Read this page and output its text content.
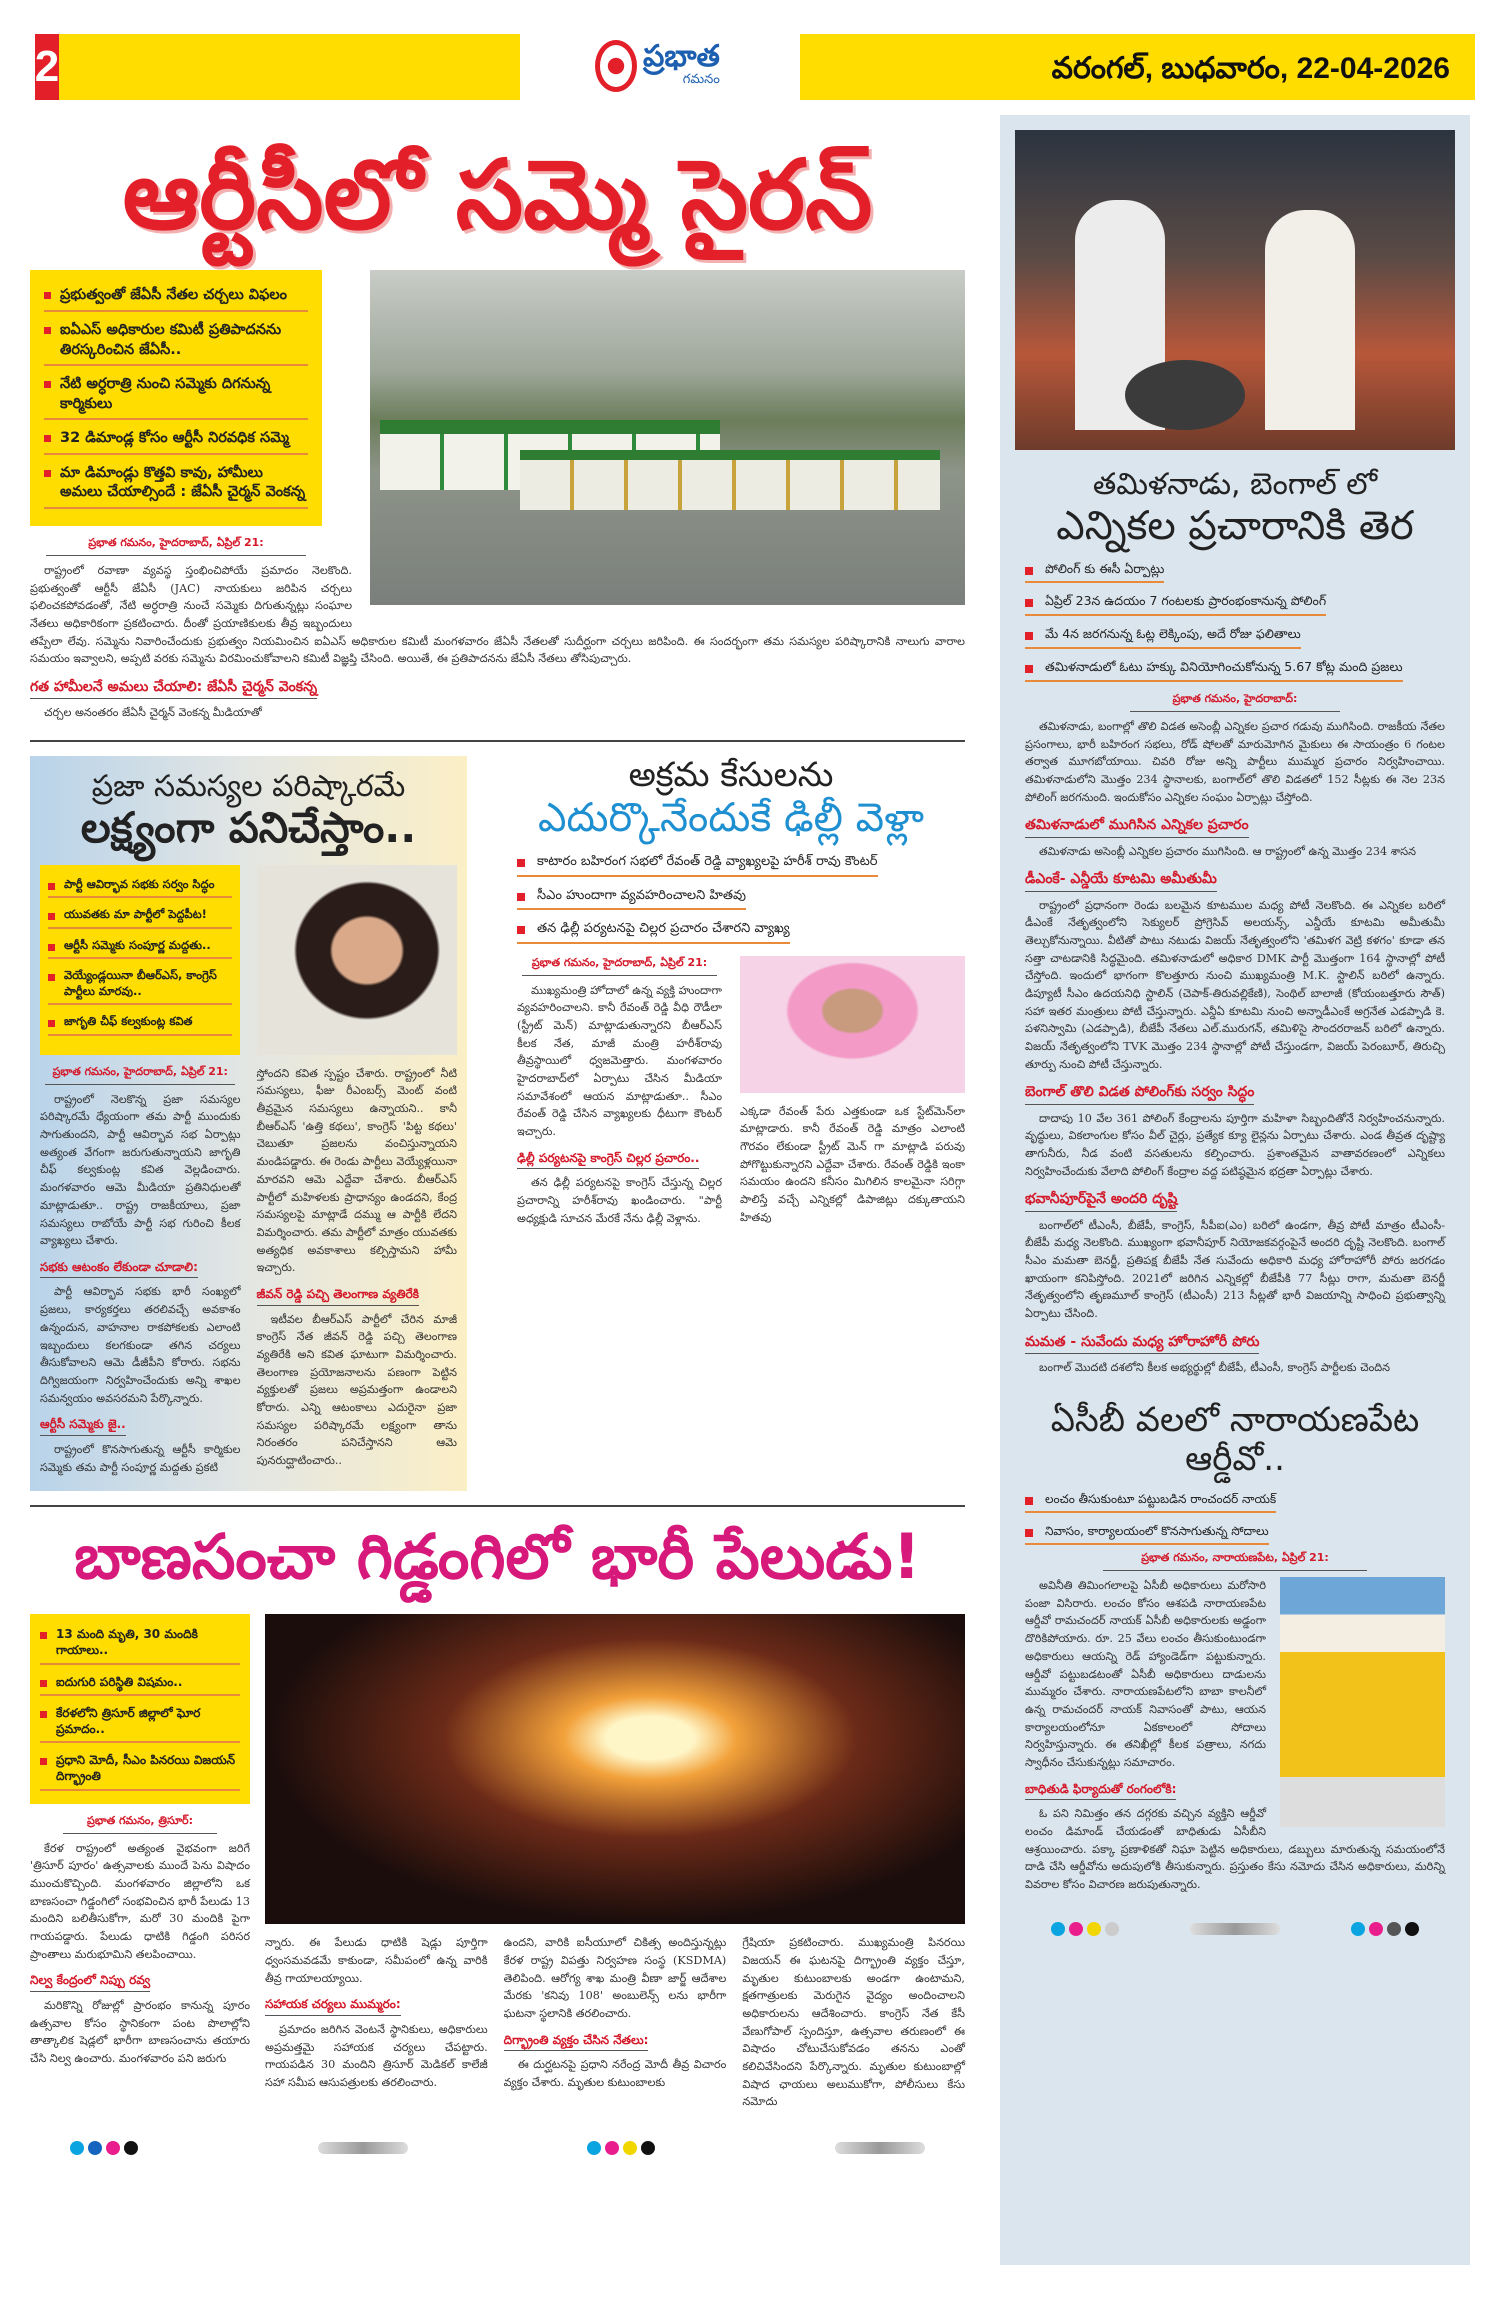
2	ప్రభాత
గమనం	వరంగల్, బుధవారం, 22-04-2026
ఆర్టీసీలో సమ్మె సైరన్
ప్రభుత్వంతో జేఏసీ నేతల చర్చలు విఫలం
ఐఏఎస్ అధికారుల కమిటీ ప్రతిపాదనను తిరస్కరించిన జేఏసీ..
నేటి అర్ధరాత్రి నుంచి సమ్మెకు దిగనున్న కార్మికులు
32 డిమాండ్ల కోసం ఆర్టీసీ నిరవధిక సమ్మె
మా డిమాండ్లు కొత్తవి కావు, హామీలు అమలు చేయాల్సిందే : జేఏసీ చైర్మన్ వెంకన్న
ప్రభాత గమనం, హైదరాబాద్, ఏప్రిల్ 21:

రాష్ట్రంలో రవాణా వ్యవస్థ స్తంభించిపోయే ప్రమాదం నెలకొంది. ప్రభుత్వంతో ఆర్టీసీ జేఏసీ (JAC) నాయకులు జరిపిన చర్చలు ఫలించకపోవడంతో, నేటి అర్ధరాత్రి నుంచే సమ్మెకు దిగుతున్నట్లు సంఘాల నేతలు అధికారికంగా ప్రకటించారు. దీంతో ప్రయాణికులకు తీవ్ర ఇబ్బందులు తప్పేలా లేవు. సమ్మెను నివారించేందుకు ప్రభుత్వం నియమించిన ఐఏఎస్ అధికారుల కమిటీ మంగళవారం జేఏసీ నేతలతో సుదీర్ఘంగా చర్చలు జరిపింది. ఈ సందర్భంగా తమ సమస్యల పరిష్కారానికి నాలుగు వారాల సమయం ఇవ్వాలని, అప్పటి వరకు సమ్మెను విరమించుకోవాలని కమిటీ విజ్ఞప్తి చేసింది. అయితే, ఈ ప్రతిపాదనను జేఏసీ నేతలు తోసిపుచ్చారు.

గత హామీలనే అమలు చేయాలి: జేఏసీ చైర్మన్ వెంకన్న

చర్చల అనంతరం జేఏసీ చైర్మన్ వెంకన్న మీడియాతో

ప్రజా సమస్యల పరిష్కారమే
లక్ష్యంగా పనిచేస్తాం..
పార్టీ ఆవిర్భావ సభకు సర్వం సిద్ధం
యువతకు మా పార్టీలో పెద్దపీట!
ఆర్టీసీ సమ్మెకు సంపూర్ణ మద్దతు..
వెయ్యేండ్లయినా బీఆర్ఎస్, కాంగ్రెస్ పార్టీలు మారవు..
జాగృతి చీఫ్ కల్వకుంట్ల కవిత
ప్రభాత గమనం, హైదరాబాద్, ఏప్రిల్ 21:

రాష్ట్రంలో నెలకొన్న ప్రజా సమస్యల పరిష్కారమే ధ్యేయంగా తమ పార్టీ ముందుకు సాగుతుందని, పార్టీ ఆవిర్భావ సభ ఏర్పాట్లు అత్యంత వేగంగా జరుగుతున్నాయని జాగృతి చీఫ్ కల్వకుంట్ల కవిత వెల్లడించారు. మంగళవారం ఆమె మీడియా ప్రతినిధులతో మాట్లాడుతూ.. రాష్ట్ర రాజకీయాలు, ప్రజా సమస్యలు రాబోయే పార్టీ సభ గురించి కీలక వ్యాఖ్యలు చేశారు.

సభకు ఆటంకం లేకుండా చూడాలి:

పార్టీ ఆవిర్భావ సభకు భారీ సంఖ్యలో ప్రజలు, కార్యకర్తలు తరలివచ్చే అవకాశం ఉన్నందున, వాహనాల రాకపోకలకు ఎలాంటి ఇబ్బందులు కలగకుండా తగిన చర్యలు తీసుకోవాలని ఆమె డీజీపీని కోరారు. సభను దిగ్విజయంగా నిర్వహించేందుకు అన్ని శాఖల సమన్వయం అవసరమని పేర్కొన్నారు.

ఆర్టీసీ సమ్మెకు జై..

రాష్ట్రంలో కొనసాగుతున్న ఆర్టీసీ కార్మికుల సమ్మెకు తమ పార్టీ సంపూర్ణ మద్దతు ప్రకటి

స్తోందని కవిత స్పష్టం చేశారు. రాష్ట్రంలో నీటి సమస్యలు, ఫీజు రీఎంబర్స్ మెంట్ వంటి తీవ్రమైన సమస్యలు ఉన్నాయని.. కానీ బీఆర్ఎస్ 'ఉత్తి కథలు', కాంగ్రెస్ 'పిట్ట కథలు' చెబుతూ ప్రజలను వంచిస్తున్నాయని మండిపడ్డారు. ఈ రెండు పార్టీలు వెయ్యేళ్లయినా మారవని ఆమె ఎద్దేవా చేశారు. బీఆర్ఎస్ పార్టీలో మహిళలకు ప్రాధాన్యం ఉండదని, కేంద్ర సమస్యలపై మాట్లాడే దమ్ము ఆ పార్టీకి లేదని విమర్శించారు. తమ పార్టీలో మాత్రం యువతకు అత్యధిక అవకాశాలు కల్పిస్తామని హామీ ఇచ్చారు.

జీవన్ రెడ్డి పచ్చి తెలంగాణ వ్యతిరేకి

ఇటీవల బీఆర్ఎస్ పార్టీలో చేరిన మాజీ కాంగ్రెస్ నేత జీవన్ రెడ్డి పచ్చి తెలంగాణ వ్యతిరేకి అని కవిత ఘాటుగా విమర్శించారు. తెలంగాణ ప్రయోజనాలను పణంగా పెట్టిన వ్యక్తులతో ప్రజలు అప్రమత్తంగా ఉండాలని కోరారు. ఎన్ని ఆటంకాలు ఎదురైనా ప్రజా సమస్యల పరిష్కారమే లక్ష్యంగా తాను నిరంతరం పనిచేస్తానని ఆమె పునరుద్ఘాటించారు..

అక్రమ కేసులను
ఎదుర్కొనేందుకే ఢిల్లీ వెళ్లా
కాటారం బహిరంగ సభలో రేవంత్ రెడ్డి వ్యాఖ్యలపై హరీశ్ రావు కౌంటర్
సీఎం హుందాగా వ్యవహరించాలని హితవు
తన ఢిల్లీ పర్యటనపై చిల్లర ప్రచారం చేశారని వ్యాఖ్య
ప్రభాత గమనం, హైదరాబాద్, ఏప్రిల్ 21:

ముఖ్యమంత్రి హోదాలో ఉన్న వ్యక్తి హుందాగా వ్యవహరించాలని. కానీ రేవంత్ రెడ్డి వీధి రౌడీలా (స్ట్రీట్ మెన్) మాట్లాడుతున్నారని బీఆర్ఎస్ కీలక నేత, మాజీ మంత్రి హరీశ్‌రావు తీవ్రస్థాయిలో ధ్వజమెత్తారు. మంగళవారం హైదరాబాద్‌లో ఏర్పాటు చేసిన మీడియా సమావేశంలో ఆయన మాట్లాడుతూ.. సీఎం రేవంత్ రెడ్డి చేసిన వ్యాఖ్యలకు ధీటుగా కౌంటర్ ఇచ్చారు.

ఢిల్లీ పర్యటనపై కాంగ్రెస్ చిల్లర ప్రచారం..

తన ఢిల్లీ పర్యటనపై కాంగ్రెస్ చేస్తున్న చిల్లర ప్రచారాన్ని హరీశ్‌రావు ఖండించారు. "పార్టీ అధ్యక్షుడి సూచన మేరకే నేను ఢిల్లీ వెళ్లాను.

ఎక్కడా రేవంత్ పేరు ఎత్తకుండా ఒక స్టేట్‌మెన్‌లా మాట్లాడారు. కానీ రేవంత్ రెడ్డి మాత్రం ఎలాంటి గౌరవం లేకుండా స్ట్రీట్ మెన్ గా మాట్లాడి పరువు పోగొట్టుకున్నారని ఎద్దేవా చేశారు. రేవంత్ రెడ్డికి ఇంకా సమయం ఉందని కనీసం మిగిలిన కాలమైనా సరిగ్గా పాలిస్తే వచ్చే ఎన్నికల్లో డిపాజిట్లు దక్కుతాయని హితవు

బాణసంచా గిడ్డంగిలో భారీ పేలుడు!
13 మంది మృతి, 30 మందికి గాయాలు..
ఐదుగురి పరిస్థితి విషమం..
కేరళలోని త్రిసూర్ జిల్లాలో ఘోర ప్రమాదం..
ప్రధాని మోదీ, సీఎం పినరయి విజయన్ దిగ్భ్రాంతి
ప్రభాత గమనం, త్రిసూర్:

కేరళ రాష్ట్రంలో అత్యంత వైభవంగా జరిగే 'త్రిసూర్ పూరం' ఉత్సవాలకు ముందే పెను విషాదం ముంచుకొచ్చింది. మంగళవారం జిల్లాలోని ఒక బాణసంచా గిడ్డంగిలో సంభవించిన భారీ పేలుడు 13 మందిని బలితీసుకోగా, మరో 30 మందికి పైగా గాయపడ్డారు. పేలుడు ధాటికి గిడ్డంగి పరిసర ప్రాంతాలు మరుభూమిని తలపించాయి.

నిల్వ కేంద్రంలో నిప్పు రవ్వ

మరికొన్ని రోజుల్లో ప్రారంభం కానున్న పూరం ఉత్సవాల కోసం స్థానికంగా పంట పొలాల్లోని తాత్కాలిక షెడ్లలో భారీగా బాణసంచాను తయారు చేసి నిల్వ ఉంచారు. మంగళవారం పని జరుగు

న్నారు. ఈ పేలుడు ధాటికి షెడ్లు పూర్తిగా ధ్వంసమవడమే కాకుండా, సమీపంలో ఉన్న వారికి తీవ్ర గాయాలయ్యాయి.

సహాయక చర్యలు ముమ్మరం:

ప్రమాదం జరిగిన వెంటనే స్థానికులు, అధికారులు అప్రమత్తమై సహాయక చర్యలు చేపట్టారు. గాయపడిన 30 మందిని త్రిసూర్ మెడికల్ కాలేజీ సహా సమీప ఆసుపత్రులకు తరలించారు.

ఉందని, వారికి ఐసీయూలో చికిత్స అందిస్తున్నట్లు కేరళ రాష్ట్ర విపత్తు నిర్వహణ సంస్థ (KSDMA) తెలిపింది. ఆరోగ్య శాఖ మంత్రి వీణా జార్జ్ ఆదేశాల మేరకు 'కనివు 108' అంబులెన్స్ లను భారీగా ఘటనా స్థలానికి తరలించారు.

దిగ్భ్రాంతి వ్యక్తం చేసిన నేతలు:

ఈ దుర్ఘటనపై ప్రధాని నరేంద్ర మోదీ తీవ్ర విచారం వ్యక్తం చేశారు. మృతుల కుటుంబాలకు

గ్రేషియా ప్రకటించారు. ముఖ్యమంత్రి పినరయి విజయన్ ఈ ఘటనపై దిగ్భ్రాంతి వ్యక్తం చేస్తూ, మృతుల కుటుంబాలకు అండగా ఉంటామని, క్షతగాత్రులకు మెరుగైన వైద్యం అందించాలని అధికారులను ఆదేశించారు. కాంగ్రెస్ నేత కేసీ వేణుగోపాల్ స్పందిస్తూ, ఉత్సవాల తరుణంలో ఈ విషాదం చోటుచేసుకోవడం తనను ఎంతో కలిచివేసిందని పేర్కొన్నారు. మృతుల కుటుంబాల్లో విషాద ఛాయలు అలుముకోగా, పోలీసులు కేసు నమోదు

తమిళనాడు, బెంగాల్ లో
ఎన్నికల ప్రచారానికి తెర
పోలింగ్ కు ఈసీ ఏర్పాట్లు
ఏప్రిల్ 23న ఉదయం 7 గంటలకు ప్రారంభంకానున్న పోలింగ్
మే 4న జరగనున్న ఓట్ల లెక్కింపు, అదే రోజు ఫలితాలు
తమిళనాడులో ఓటు హక్కు వినియోగించుకోనున్న 5.67 కోట్ల మంది ప్రజలు
ప్రభాత గమనం, హైదరాబాద్:

తమిళనాడు, బంగాల్లో తొలి విడత అసెంబ్లీ ఎన్నికల ప్రచార గడువు ముగిసింది. రాజకీయ నేతల ప్రసంగాలు, భారీ బహిరంగ సభలు, రోడ్ షోలతో మారుమోగిన మైకులు ఈ సాయంత్రం 6 గంటల తర్వాత మూగబోయాయి. చివరి రోజు అన్ని పార్టీలు ముమ్మర ప్రచారం నిర్వహించాయి. తమిళనాడులోని మొత్తం 234 స్థానాలకు, బంగాల్‌లో తొలి విడతలో 152 సీట్లకు ఈ నెల 23న పోలింగ్ జరగనుంది. ఇందుకోసం ఎన్నికల సంఘం ఏర్పాట్లు చేస్తోంది.

తమిళనాడులో ముగిసిన ఎన్నికల ప్రచారం

తమిళనాడు అసెంబ్లీ ఎన్నికల ప్రచారం ముగిసింది. ఆ రాష్ట్రంలో ఉన్న మొత్తం 234 శాసన

డీఎంకే- ఎన్డీయే కూటమి అమీతుమీ

రాష్ట్రంలో ప్రధానంగా రెండు బలమైన కూటముల మధ్య పోటీ నెలకొంది. ఈ ఎన్నికల బరిలో డీఎంకే నేతృత్వంలోని సెక్యులర్ ప్రోగ్రెసివ్ అలయన్స్, ఎన్డీయే కూటమి అమీతుమీ తెల్చుకోనున్నాయి. వీటితో పాటు నటుడు విజయ్ నేతృత్వంలోని 'తమిళగ వెట్రి కళగం' కూడా తన సత్తా చాటడానికి సిద్ధమైంది. తమిళనాడులో అధికార DMK పార్టీ మొత్తంగా 164 స్థానాల్లో పోటీ చేస్తోంది. ఇందులో భాగంగా కొలత్తూరు నుంచి ముఖ్యమంత్రి M.K. స్టాలిన్ బరిలో ఉన్నారు. డిప్యూటీ సీఎం ఉదయనిధి స్టాలిన్ (చెపాక్-తిరువల్లికేణి), సెంథిల్ బాలాజీ (కోయంబత్తూరు సౌత్) సహా ఇతర మంత్రులు పోటీ చేస్తున్నారు. ఎన్డీఏ కూటమి నుంచి అన్నాడీఎంకే అగ్రనేత ఎడప్పాడి కె. పళనిస్వామి (ఎడప్పాడి), బీజేపీ నేతలు ఎల్.మురుగన్, తమిళిసై సౌందరరాజన్ బరిలో ఉన్నారు. విజయ్ నేతృత్వంలోని TVK మొత్తం 234 స్థానాల్లో పోటీ చేస్తుండగా, విజయ్ పెరంబూర్, తిరుచ్చి తూర్పు నుంచి పోటీ చేస్తున్నారు.

బెంగాల్ తొలి విడత పోలింగ్‌కు సర్వం సిద్ధం

దాదాపు 10 వేల 361 పోలింగ్ కేంద్రాలను పూర్తిగా మహిళా సిబ్బందితోనే నిర్వహించనున్నారు. వృద్ధులు, వికలాంగుల కోసం వీల్ చైర్లు, ప్రత్యేక క్యూ లైన్లను ఏర్పాటు చేశారు. ఎండ తీవ్రత దృష్ట్యా తాగునీరు, నీడ వంటి వసతులను కల్పించారు. ప్రశాంతమైన వాతావరణంలో ఎన్నికలు నిర్వహించేందుకు వేలాది పోలింగ్ కేంద్రాల వద్ద పటిష్ఠమైన భద్రతా ఏర్పాట్లు చేశారు.

భవానీపూర్‌పైనే అందరి దృష్టి

బంగాల్‌లో టీఎంసీ, బీజేపీ, కాంగ్రెస్, సీపీఐ(ఎం) బరిలో ఉండగా, తీవ్ర పోటీ మాత్రం టీఎంసీ- బీజేపీ మధ్య నెలకొంది. ముఖ్యంగా భవానీపూర్ నియోజకవర్గంపైనే అందరి దృష్టి నెలకొంది. బంగాల్ సీఎం మమతా బెనర్జీ, ప్రతిపక్ష బీజేపీ నేత సువేందు అధికారి మధ్య హోరాహోరీ పోరు జరగడం ఖాయంగా కనిపిస్తోంది. 2021లో జరిగిన ఎన్నికల్లో బీజేపీకి 77 సీట్లు రాగా, మమతా బెనర్జీ నేతృత్వంలోని తృణమూల్ కాంగ్రెస్ (టీఎంసీ) 213 సీట్లతో భారీ విజయాన్ని సాధించి ప్రభుత్వాన్ని ఏర్పాటు చేసింది.

మమత - సువేందు మధ్య హోరాహోరీ పోరు

బంగాల్ మొదటి దశలోని కీలక అభ్యర్థుల్లో బీజేపీ, టీఎంసీ, కాంగ్రెస్ పార్టీలకు చెందిన

ఏసీబీ వలలో నారాయణపేట ఆర్డీవో..
లంచం తీసుకుంటూ పట్టుబడిన రాంచందర్ నాయక్
నివాసం, కార్యాలయంలో కొనసాగుతున్న సోదాలు
ప్రభాత గమనం, నారాయణపేట, ఏప్రిల్ 21:

అవినీతి తిమింగలాలపై ఏసీబీ అధికారులు మరోసారి పంజా విసిరారు. లంచం కోసం ఆశపడి నారాయణపేట ఆర్డీవో రామచందర్ నాయక్ ఏసీబీ అధికారులకు అడ్డంగా దొరికిపోయారు. రూ. 25 వేలు లంచం తీసుకుంటుండగా అధికారులు ఆయన్ని రెడ్ హ్యాండెడ్‌గా పట్టుకున్నారు. ఆర్డీవో పట్టుబడటంతో ఏసీబీ అధికారులు దాడులను ముమ్మరం చేశారు. నారాయణపేటలోని బాబా కాలనీలో ఉన్న రామచందర్ నాయక్ నివాసంతో పాటు, ఆయన కార్యాలయంలోనూ ఏకకాలంలో సోదాలు నిర్వహిస్తున్నారు. ఈ తనిఖీల్లో కీలక పత్రాలు, నగదు స్వాధీనం చేసుకున్నట్లు సమాచారం.

బాధితుడి ఫిర్యాదుతో రంగంలోకి:

ఓ పని నిమిత్తం తన దగ్గరకు వచ్చిన వ్యక్తిని ఆర్డీవో లంచం డిమాండ్ చేయడంతో బాధితుడు ఏసీబీని ఆశ్రయించారు. పక్కా ప్రణాళికతో నిఘా పెట్టిన అధికారులు, డబ్బులు మారుతున్న సమయంలోనే దాడి చేసి ఆర్డీవోను అదుపులోకి తీసుకున్నారు. ప్రస్తుతం కేసు నమోదు చేసిన అధికారులు, మరిన్ని వివరాల కోసం విచారణ జరుపుతున్నారు.
